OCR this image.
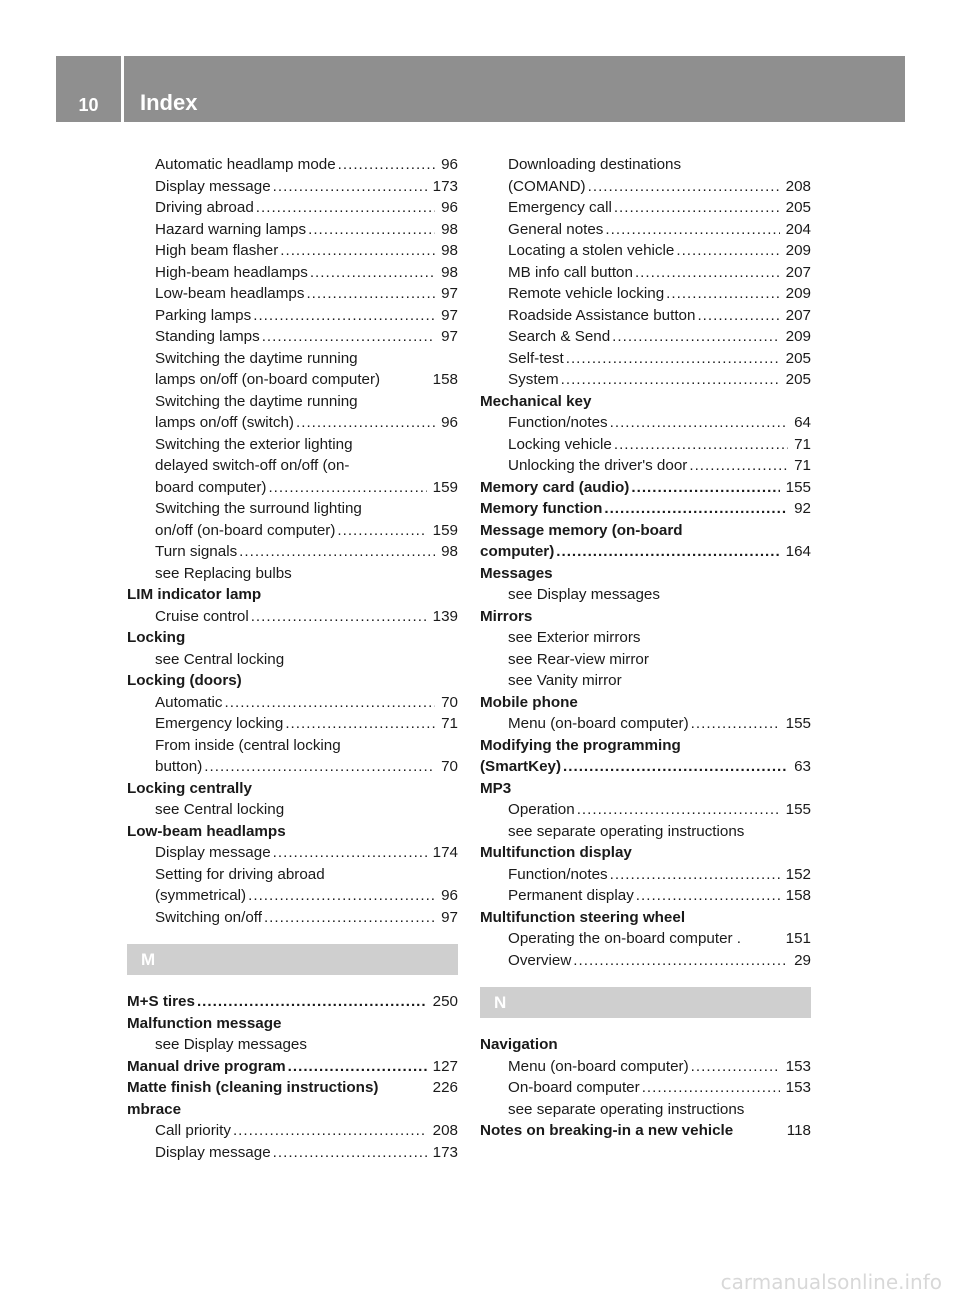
10	Index
Automatic headlamp mode .....	96
Display message .....	173
Driving abroad .....	96
Hazard warning lamps .....	98
High beam flasher .....	98
High-beam headlamps .....	98
Low-beam headlamps .....	97
Parking lamps .....	97
Standing lamps .....	97
Switching the daytime running
lamps on/off (on-board computer)	158
Switching the daytime running
lamps on/off (switch) .....	96
Switching the exterior lighting
delayed switch-off on/off (on-
board computer) .....	159
Switching the surround lighting
on/off (on-board computer) .....	159
Turn signals .....	98
see Replacing bulbs
LIM indicator lamp
Cruise control .....	139
Locking
see Central locking
Locking (doors)
Automatic .....	70
Emergency locking .....	71
From inside (central locking
button) .....	70
Locking centrally
see Central locking
Low-beam headlamps
Display message .....	174
Setting for driving abroad
(symmetrical) .....	96
Switching on/off .....	97
M
M+S tires .....	250
Malfunction message
see Display messages
Manual drive program .....	127
Matte finish (cleaning instructions)	226
mbrace
Call priority .....	208
Display message .....	173
Downloading destinations
(COMAND) .....	208
Emergency call .....	205
General notes .....	204
Locating a stolen vehicle .....	209
MB info call button .....	207
Remote vehicle locking .....	209
Roadside Assistance button .....	207
Search & Send .....	209
Self-test .....	205
System .....	205
Mechanical key
Function/notes .....	64
Locking vehicle .....	71
Unlocking the driver's door .....	71
Memory card (audio) .....	155
Memory function .....	92
Message memory (on-board
computer) .....	164
Messages
see Display messages
Mirrors
see Exterior mirrors
see Rear-view mirror
see Vanity mirror
Mobile phone
Menu (on-board computer) .....	155
Modifying the programming
(SmartKey) .....	63
MP3
Operation .....	155
see separate operating instructions
Multifunction display
Function/notes .....	152
Permanent display .....	158
Multifunction steering wheel
Operating the on-board computer .	151
Overview .....	29
N
Navigation
Menu (on-board computer) .....	153
On-board computer .....	153
see separate operating instructions
Notes on breaking-in a new vehicle	118
carmanualsonline.info
